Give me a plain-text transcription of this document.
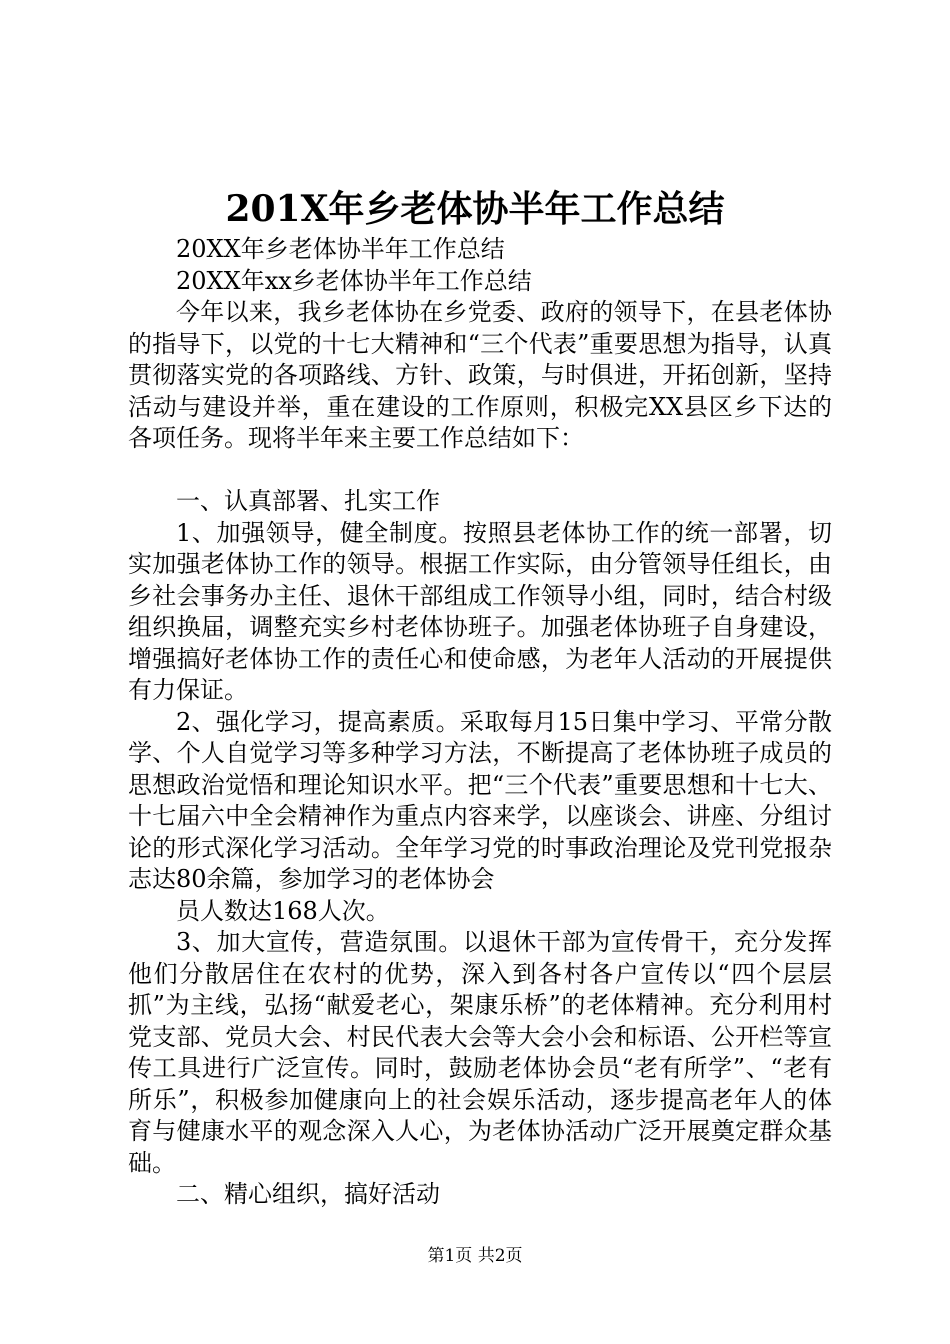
201X年乡老体协半年工作总结

20XX年乡老体协半年工作总结

20XX年xx乡老体协半年工作总结

今年以来，我乡老体协在乡党委、政府的领导下，在县老体协的指导下，以党的十七大精神和“三个代表”重要思想为指导，认真贯彻落实党的各项路线、方针、政策，与时俱进，开拓创新，坚持活动与建设并举，重在建设的工作原则，积极完XX县区乡下达的各项任务。现将半年来主要工作总结如下：

一、认真部署、扎实工作

1、加强领导，健全制度。按照县老体协工作的统一部署，切实加强老体协工作的领导。根据工作实际，由分管领导任组长，由乡社会事务办主任、退休干部组成工作领导小组，同时，结合村级组织换届，调整充实乡村老体协班子。加强老体协班子自身建设，增强搞好老体协工作的责任心和使命感，为老年人活动的开展提供有力保证。

2、强化学习，提高素质。采取每月15日集中学习、平常分散学、个人自觉学习等多种学习方法，不断提高了老体协班子成员的思想政治觉悟和理论知识水平。把“三个代表”重要思想和十七大、十七届六中全会精神作为重点内容来学，以座谈会、讲座、分组讨论的形式深化学习活动。全年学习党的时事政治理论及党刊党报杂志达80余篇，参加学习的老体协会

员人数达168人次。

3、加大宣传，营造氛围。以退休干部为宣传骨干，充分发挥他们分散居住在农村的优势，深入到各村各户宣传以“四个层层抓”为主线，弘扬“献爱老心，架康乐桥”的老体精神。充分利用村党支部、党员大会、村民代表大会等大会小会和标语、公开栏等宣传工具进行广泛宣传。同时，鼓励老体协会员“老有所学”、“老有所乐”，积极参加健康向上的社会娱乐活动，逐步提高老年人的体育与健康水平的观念深入人心，为老体协活动广泛开展奠定群众基础。

二、精心组织，搞好活动

第1页 共2页
